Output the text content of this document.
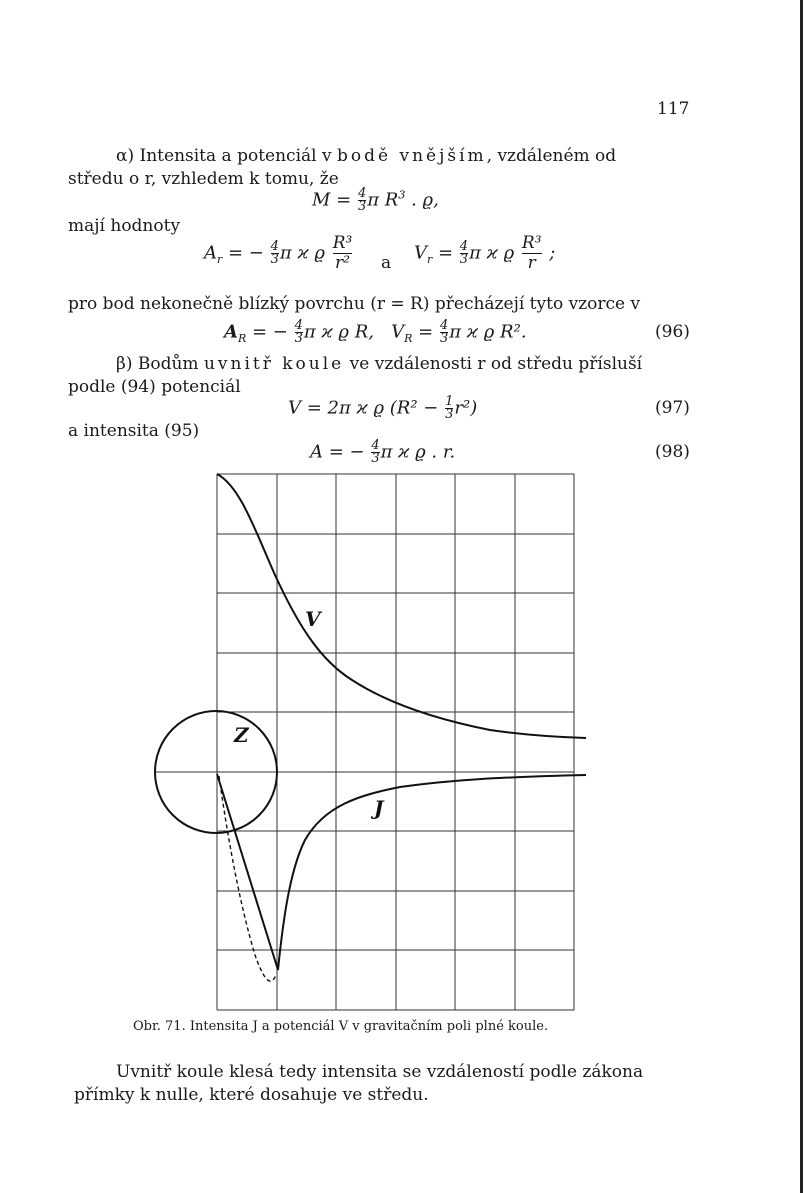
117
α) Intensita a potenciál v bodě vnějším, vzdáleném od
středu o r, vzhledem k tomu, že
$M = \frac{4}{3}$ π $R^3$ . ϱ,
mají hodnoty
$A_r$ = − $\frac{4}{3}$ π ϰ ϱ $\frac{\text{R³}}{\text{r²}}$ a $V_r = \frac{4}{3}$ π ϰ ϱ $\frac{\text{R³}}{r}$ ;
pro bod nekonečně blízký povrchu (r = R) přecházejí tyto vzorce v
$A_R$ = − $\frac{4}{3}$ π ϰ ϱ R, $V_R = \frac{4}{3}$ π ϰ ϱ R².	(96)
β) Bodům uvnitř koule ve vzdálenosti r od středu přísluší
podle (94) potenciál
V = 2π ϰ ϱ $(R^2 - \frac{1}{3} r^2)$	(97)
a intensita (95)
A = − $\frac{4}{3}$ π ϰ ϱ . r.	(98)
V
Z
J
Obr. 71. Intensita J a potenciál V v gravitačním poli plné koule.
Uvnitř koule klesá tedy intensita se vzdáleností podle zákona
přímky k nulle, které dosahuje ve středu.
